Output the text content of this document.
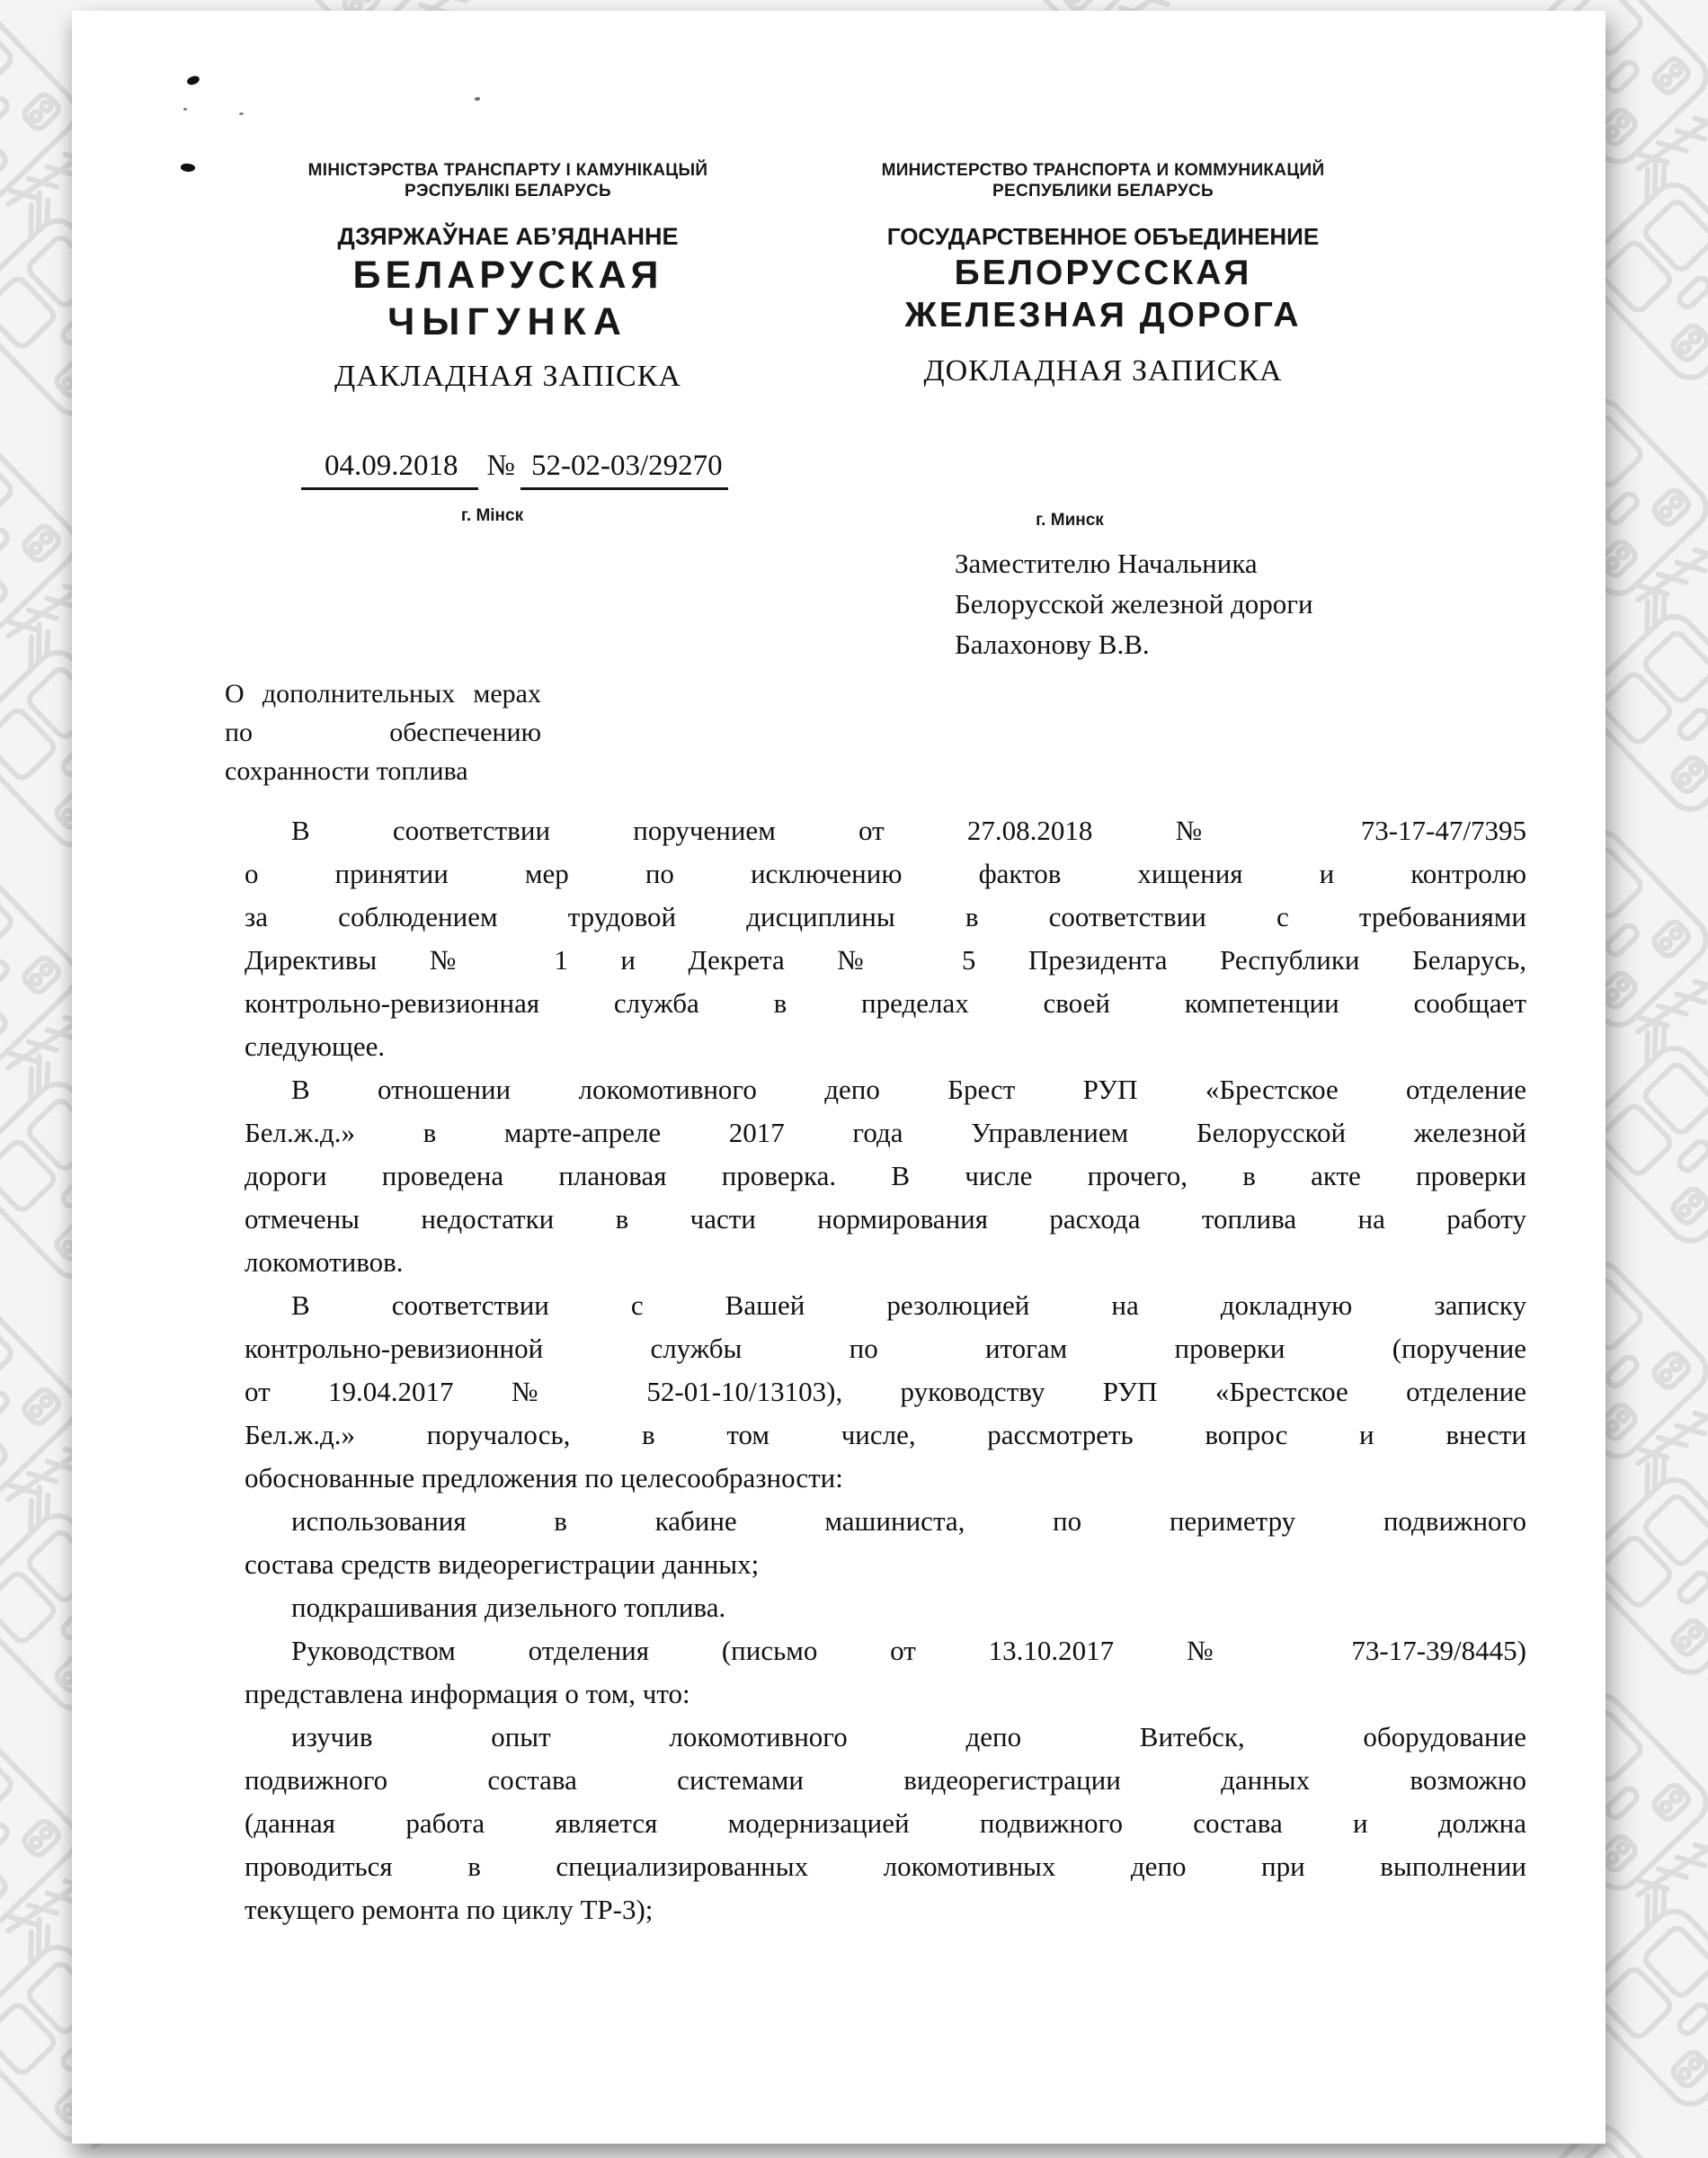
МІНІСТЭРСТВА ТРАНСПАРТУ І КАМУНІКАЦЫЙ
РЭСПУБЛІКІ БЕЛАРУСЬ
ДЗЯРЖАЎНАЕ АБ’ЯДНАННЕ
БЕЛАРУСКАЯ
ЧЫГУНКА
ДАКЛАДНАЯ ЗАПІСКА
МИНИСТЕРСТВО ТРАНСПОРТА И КОММУНИКАЦИЙ
РЕСПУБЛИКИ БЕЛАРУСЬ
ГОСУДАРСТВЕННОЕ ОБЪЕДИНЕНИЕ
БЕЛОРУССКАЯ
ЖЕЛЕЗНАЯ ДОРОГА
ДОКЛАДНАЯ ЗАПИСКА
04.09.2018 № 52-02-03/29270
г. Мінск	г. Минск
Заместителю Начальника
Белорусской железной дороги
Балахонову В.В.
О дополнительных мерах по обеспечению сохранности топлива
В соответствии поручением от 27.08.2018 № 73-17-47/7395
о принятии мер по исключению фактов хищения и контролю
за соблюдением трудовой дисциплины в соответствии с требованиями
Директивы № 1 и Декрета № 5 Президента Республики Беларусь,
контрольно-ревизионная служба в пределах своей компетенции сообщает
следующее.
В отношении локомотивного депо Брест РУП «Брестское отделение
Бел.ж.д.» в марте-апреле 2017 года Управлением Белорусской железной
дороги проведена плановая проверка. В числе прочего, в акте проверки
отмечены недостатки в части нормирования расхода топлива на работу
локомотивов.
В соответствии с Вашей резолюцией на докладную записку
контрольно-ревизионной службы по итогам проверки (поручение
от 19.04.2017 № 52-01-10/13103), руководству РУП «Брестское отделение
Бел.ж.д.» поручалось, в том числе, рассмотреть вопрос и внести
обоснованные предложения по целесообразности:
использования в кабине машиниста, по периметру подвижного
состава средств видеорегистрации данных;
подкрашивания дизельного топлива.
Руководством отделения (письмо от 13.10.2017 № 73-17-39/8445)
представлена информация о том, что:
изучив опыт локомотивного депо Витебск, оборудование
подвижного состава системами видеорегистрации данных возможно
(данная работа является модернизацией подвижного состава и должна
проводиться в специализированных локомотивных депо при выполнении
текущего ремонта по циклу ТР-3);
